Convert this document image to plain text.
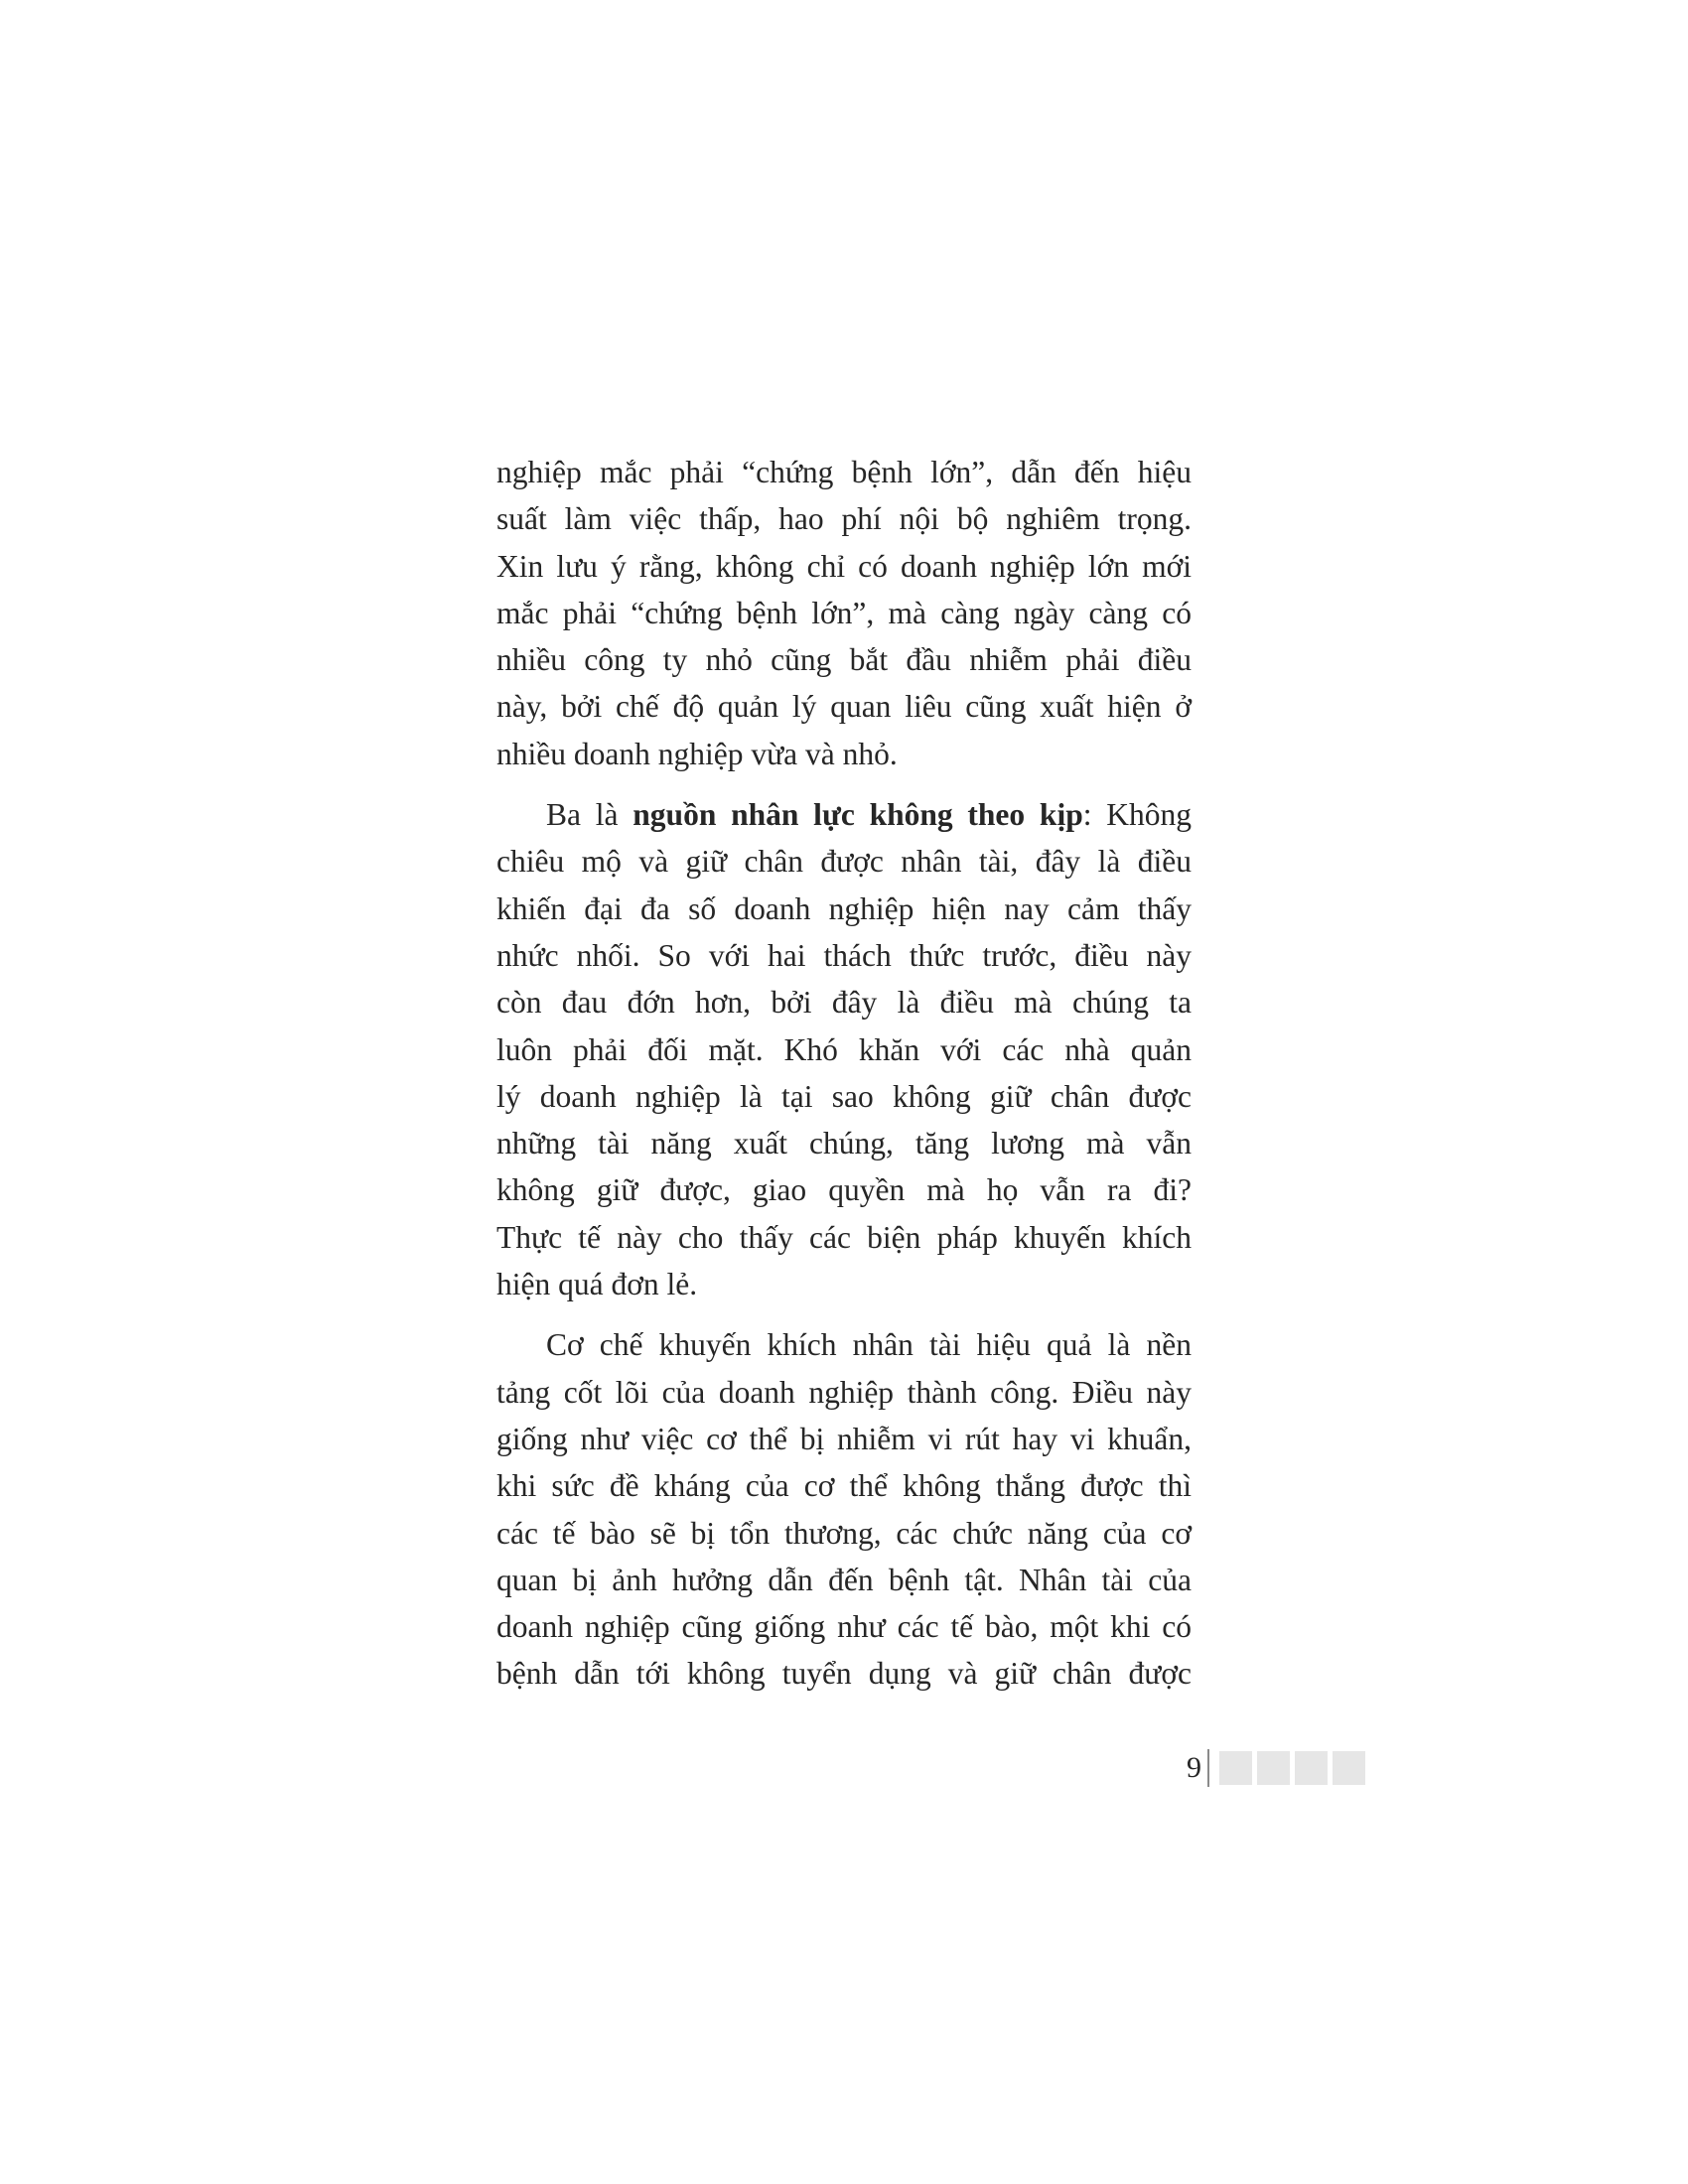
nghiệp mắc phải “chứng bệnh lớn”, dẫn đến hiệu
suất làm việc thấp, hao phí nội bộ nghiêm trọng.
Xin lưu ý rằng, không chỉ có doanh nghiệp lớn mới
mắc phải “chứng bệnh lớn”, mà càng ngày càng có
nhiều công ty nhỏ cũng bắt đầu nhiễm phải điều
này, bởi chế độ quản lý quan liêu cũng xuất hiện ở
nhiều doanh nghiệp vừa và nhỏ.
Ba là nguồn nhân lực không theo kịp: Không
chiêu mộ và giữ chân được nhân tài, đây là điều
khiến đại đa số doanh nghiệp hiện nay cảm thấy
nhức nhối. So với hai thách thức trước, điều này
còn đau đớn hơn, bởi đây là điều mà chúng ta
luôn phải đối mặt. Khó khăn với các nhà quản
lý doanh nghiệp là tại sao không giữ chân được
những tài năng xuất chúng, tăng lương mà vẫn
không giữ được, giao quyền mà họ vẫn ra đi?
Thực tế này cho thấy các biện pháp khuyến khích
hiện quá đơn lẻ.
Cơ chế khuyến khích nhân tài hiệu quả là nền
tảng cốt lõi của doanh nghiệp thành công. Điều này
giống như việc cơ thể bị nhiễm vi rút hay vi khuẩn,
khi sức đề kháng của cơ thể không thắng được thì
các tế bào sẽ bị tổn thương, các chức năng của cơ
quan bị ảnh hưởng dẫn đến bệnh tật. Nhân tài của
doanh nghiệp cũng giống như các tế bào, một khi có
bệnh dẫn tới không tuyển dụng và giữ chân được
9
